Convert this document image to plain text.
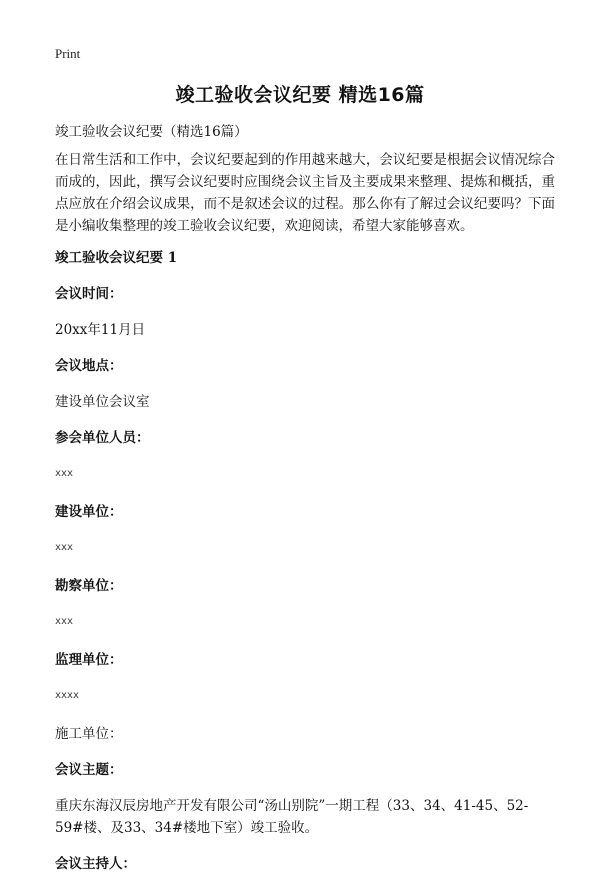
Print
竣工验收会议纪要 精选16篇

竣工验收会议纪要（精选16篇）

在日常生活和工作中，会议纪要起到的作用越来越大，会议纪要是根据会议情况综合而成的，因此，撰写会议纪要时应围绕会议主旨及主要成果来整理、提炼和概括，重点应放在介绍会议成果，而不是叙述会议的过程。那么你有了解过会议纪要吗？下面是小编收集整理的竣工验收会议纪要，欢迎阅读，希望大家能够喜欢。

竣工验收会议纪要 1

会议时间：

20xx年11月日

会议地点：

建设单位会议室

参会单位人员：

xxx

建设单位：

xxx

勘察单位：

xxx

监理单位：

xxxx

施工单位：

会议主题：

重庆东海汉辰房地产开发有限公司“汤山别院”一期工程（33、34、41-45、52-59#楼、及33、34#楼地下室）竣工验收。

会议主持人：
